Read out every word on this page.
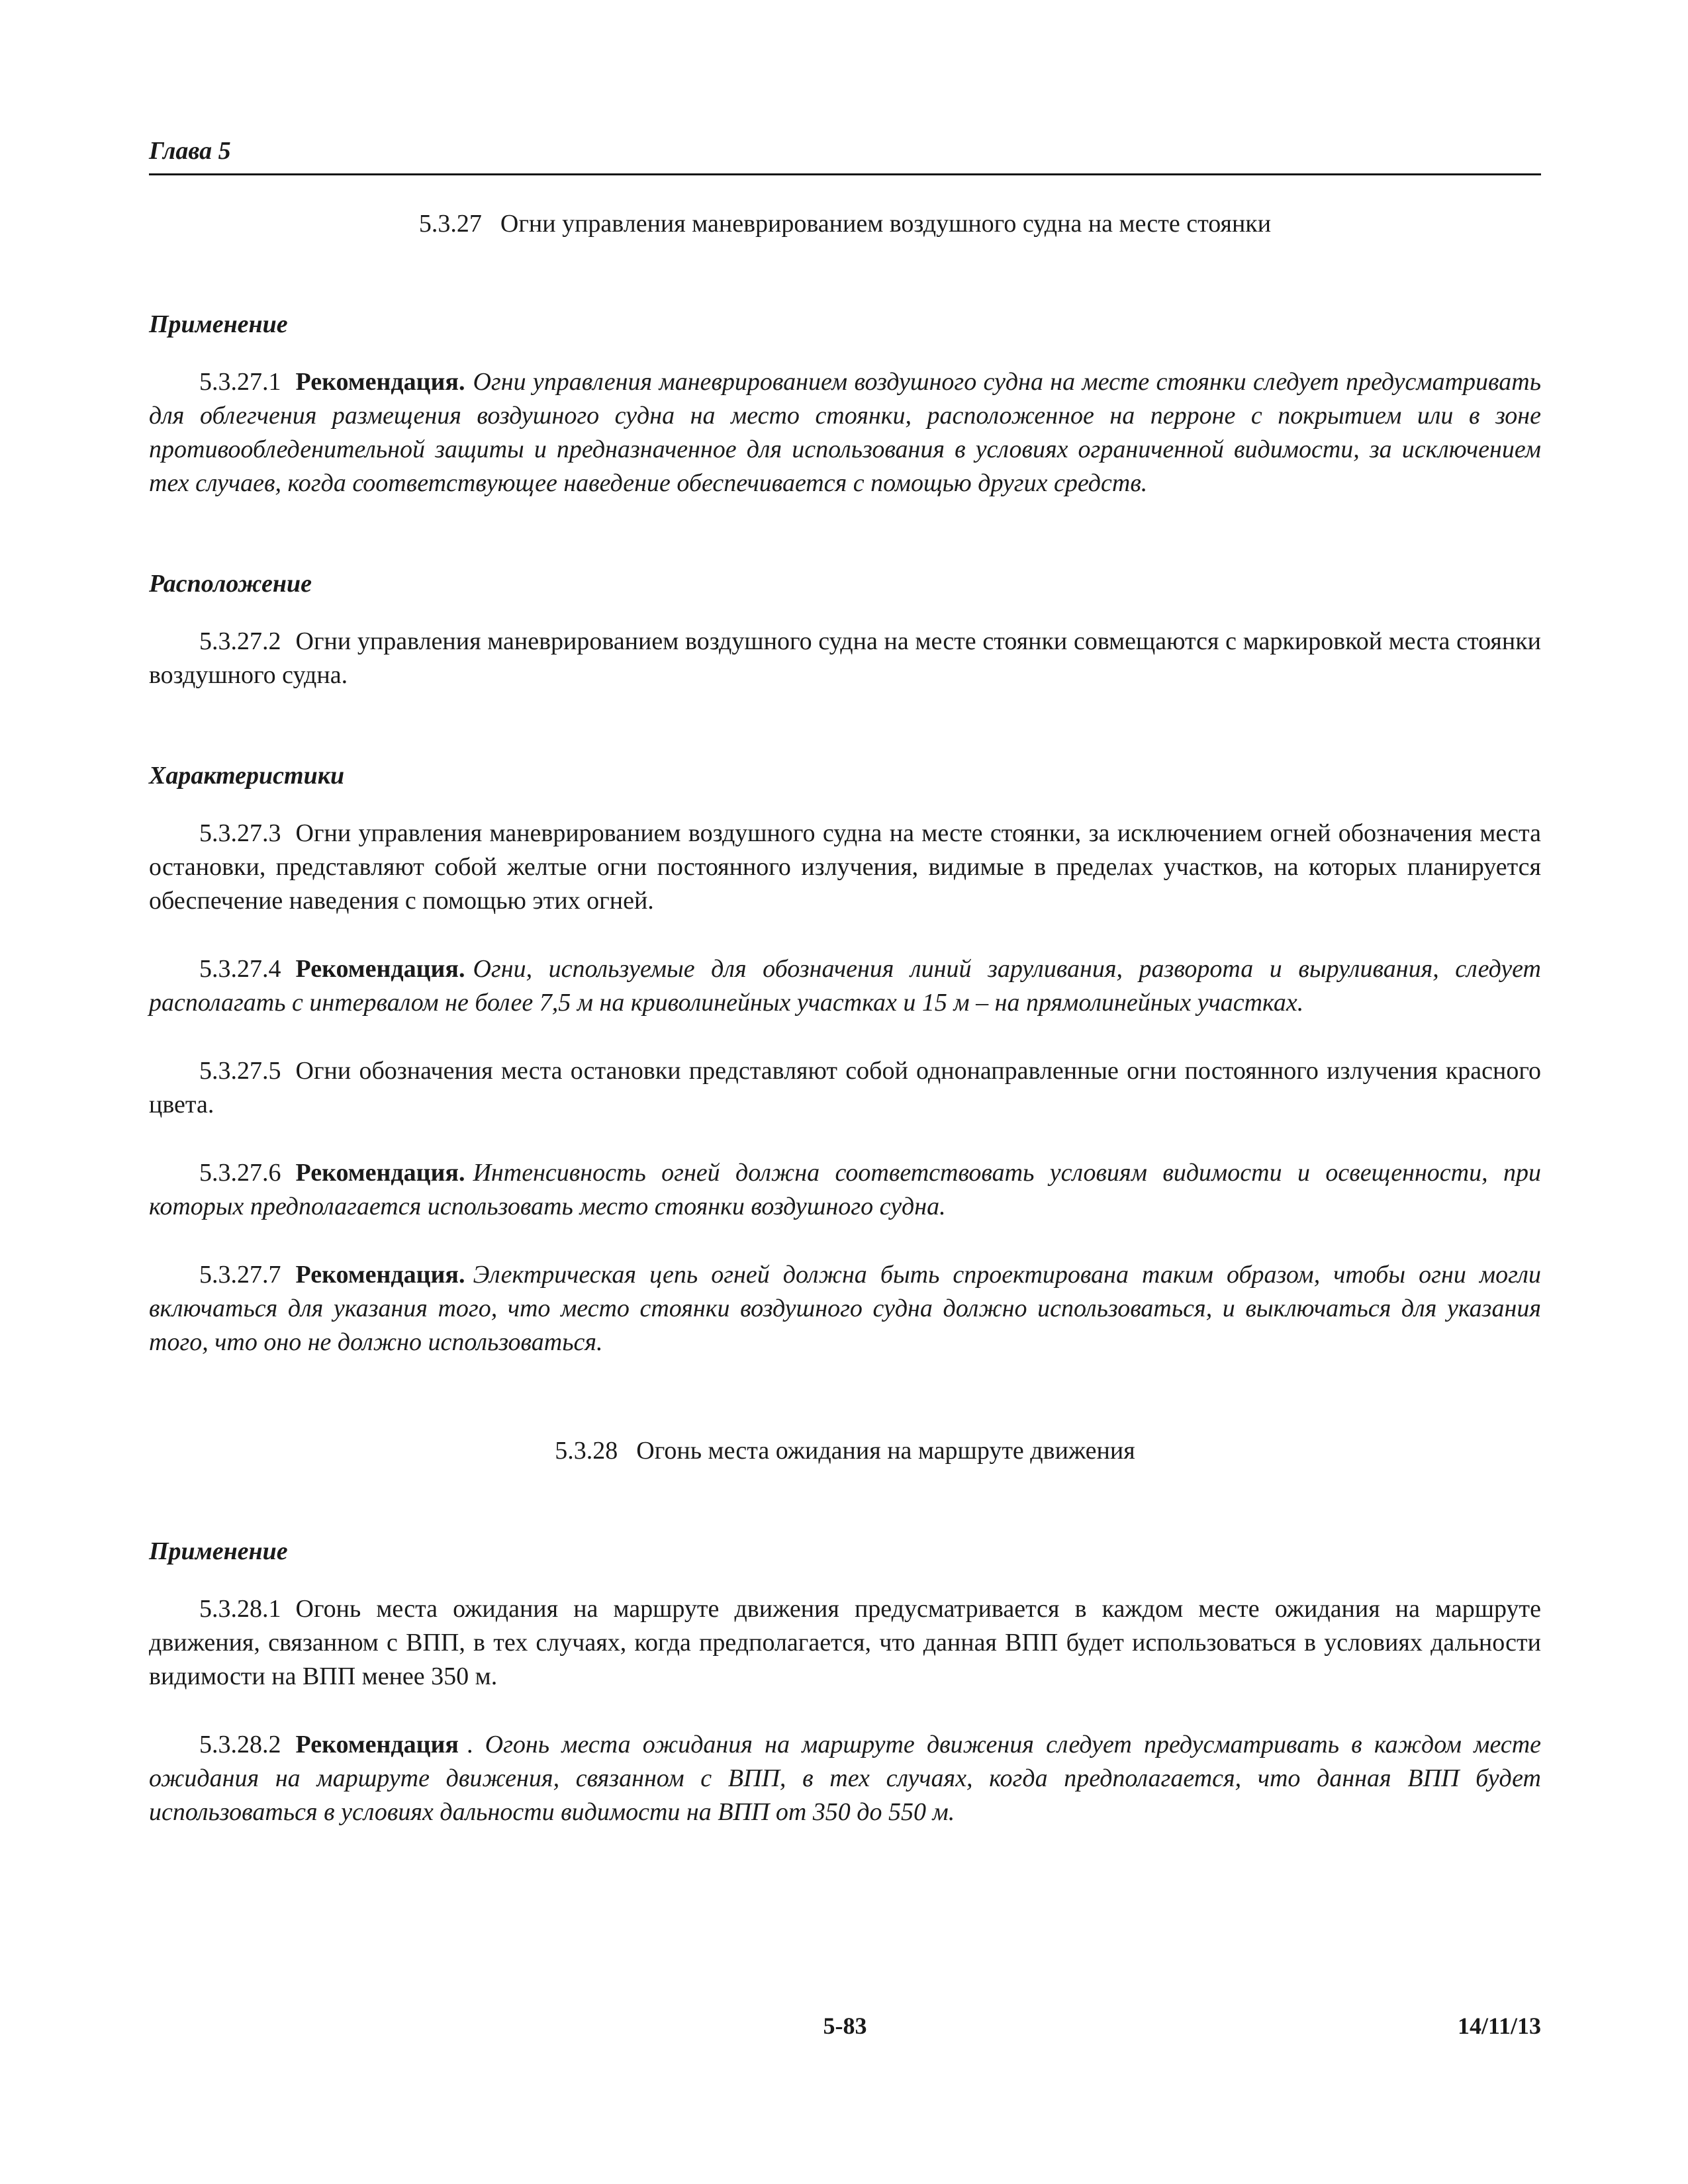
Глава 5
5.3.27 Огни управления маневрированием воздушного судна на месте стоянки
Применение

5.3.27.1 Рекомендация. Огни управления маневрированием воздушного судна на месте стоянки следует предусматривать для облегчения размещения воздушного судна на место стоянки, расположенное на перроне с покрытием или в зоне противообледенительной защиты и предназначенное для использования в условиях ограниченной видимости, за исключением тех случаев, когда соответствующее наведение обеспечивается с помощью других средств.

Расположение

5.3.27.2 Огни управления маневрированием воздушного судна на месте стоянки совмещаются с маркировкой места стоянки воздушного судна.

Характеристики

5.3.27.3 Огни управления маневрированием воздушного судна на месте стоянки, за исключением огней обозначения места остановки, представляют собой желтые огни постоянного излучения, видимые в пределах участков, на которых планируется обеспечение наведения с помощью этих огней.

5.3.27.4 Рекомендация. Огни, используемые для обозначения линий заруливания, разворота и выруливания, следует располагать с интервалом не более 7,5 м на криволинейных участках и 15 м – на прямолинейных участках.

5.3.27.5 Огни обозначения места остановки представляют собой однонаправленные огни постоянного излучения красного цвета.

5.3.27.6 Рекомендация. Интенсивность огней должна соответствовать условиям видимости и освещенности, при которых предполагается использовать место стоянки воздушного судна.

5.3.27.7 Рекомендация. Электрическая цепь огней должна быть спроектирована таким образом, чтобы огни могли включаться для указания того, что место стоянки воздушного судна должно использоваться, и выключаться для указания того, что оно не должно использоваться.

5.3.28 Огонь места ожидания на маршруте движения
Применение

5.3.28.1 Огонь места ожидания на маршруте движения предусматривается в каждом месте ожидания на маршруте движения, связанном с ВПП, в тех случаях, когда предполагается, что данная ВПП будет использоваться в условиях дальности видимости на ВПП менее 350 м.

5.3.28.2 Рекомендация . Огонь места ожидания на маршруте движения следует предусматривать в каждом месте ожидания на маршруте движения, связанном с ВПП, в тех случаях, когда предполагается, что данная ВПП будет использоваться в условиях дальности видимости на ВПП от 350 до 550 м.

5-83	14/11/13
